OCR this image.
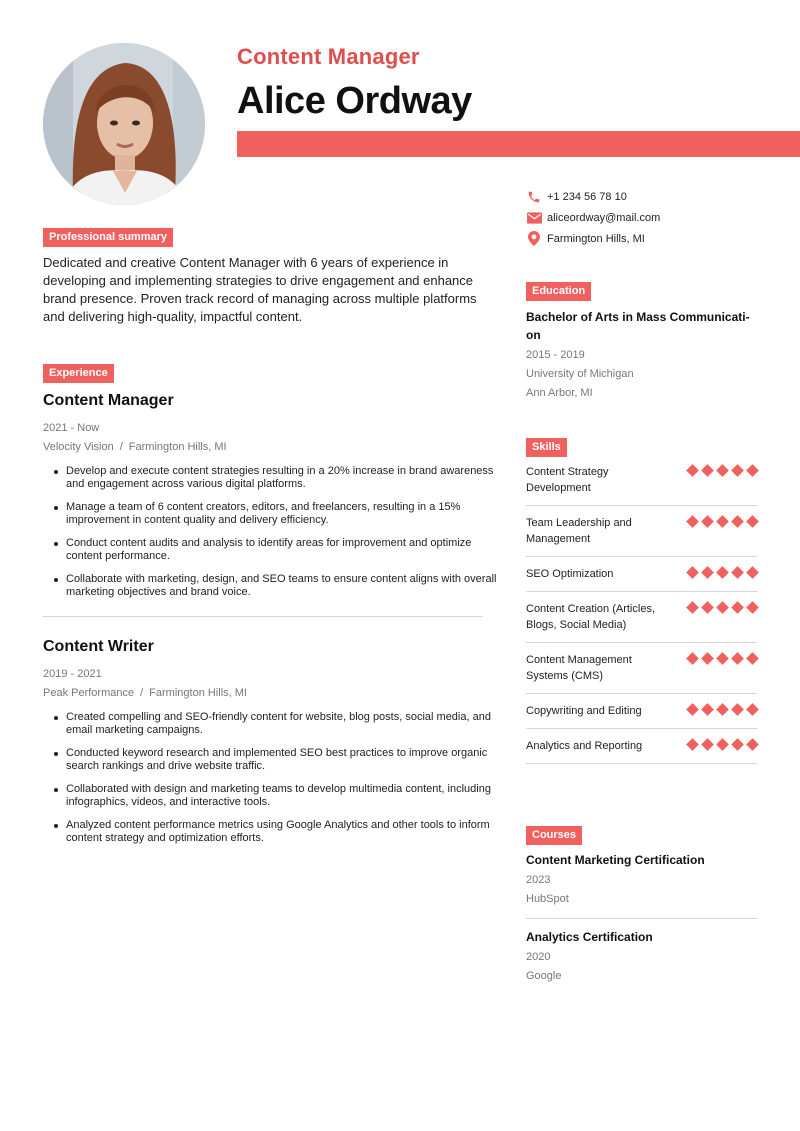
Content Manager
Alice Ordway
Professional summary
Dedicated and creative Content Manager with 6 years of experience in developing and implementing strategies to drive engagement and enhance brand presence. Proven track record of managing across multiple platforms and delivering high-quality, impactful content.
Experience
Content Manager
2021 - Now
Velocity Vision / Farmington Hills, MI
Develop and execute content strategies resulting in a 20% increase in brand awareness and engagement across various digital platforms.
Manage a team of 6 content creators, editors, and freelancers, resulting in a 15% improvement in content quality and delivery efficiency.
Conduct content audits and analysis to identify areas for improvement and optimize content performance.
Collaborate with marketing, design, and SEO teams to ensure content aligns with overall marketing objectives and brand voice.
Content Writer
2019 - 2021
Peak Performance / Farmington Hills, MI
Created compelling and SEO-friendly content for website, blog posts, social media, and email marketing campaigns.
Conducted keyword research and implemented SEO best practices to improve organic search rankings and drive website traffic.
Collaborated with design and marketing teams to develop multimedia content, including infographics, videos, and interactive tools.
Analyzed content performance metrics using Google Analytics and other tools to inform content strategy and optimization efforts.
+1 234 56 78 10
aliceordway@mail.com
Farmington Hills, MI
Education
Bachelor of Arts in Mass Communicati- on
2015 - 2019
University of Michigan
Ann Arbor, MI
Skills
Content Strategy Development
Team Leadership and Management
SEO Optimization
Content Creation (Articles, Blogs, Social Media)
Content Management Systems (CMS)
Copywriting and Editing
Analytics and Reporting
Courses
Content Marketing Certification
2023
HubSpot
Analytics Certification
2020
Google
